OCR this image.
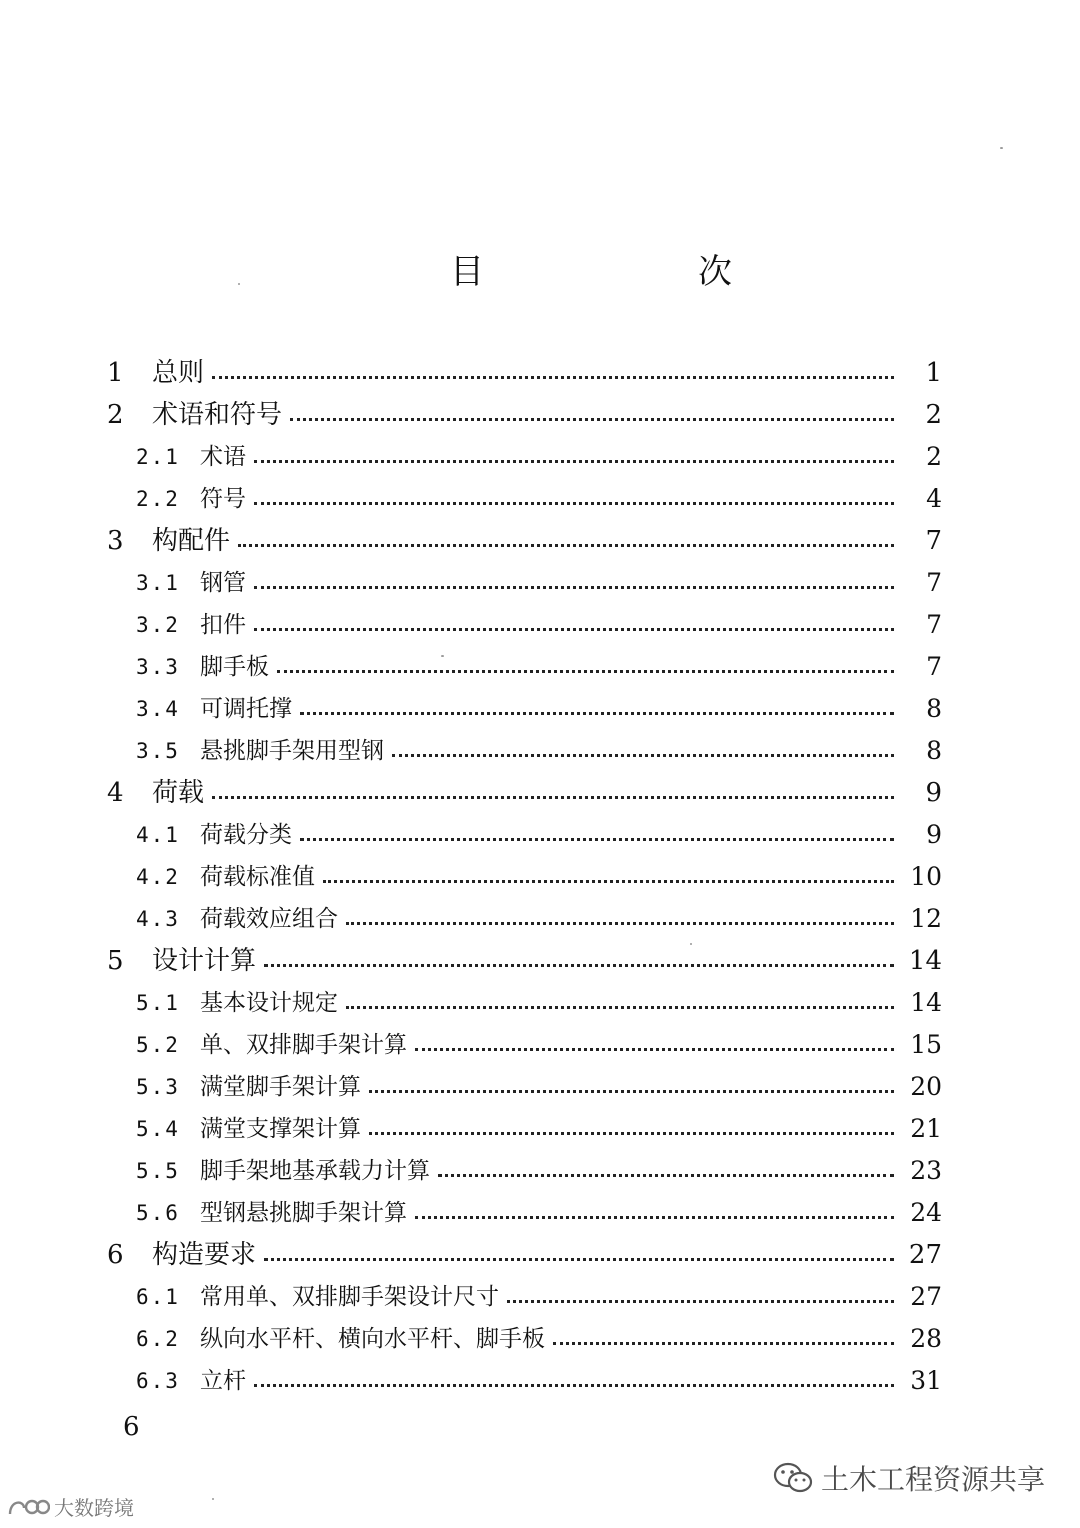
目　次
1 总则	1
2 术语和符号	2
2.1 术语	2
2.2 符号	4
3 构配件	7
3.1 钢管	7
3.2 扣件	7
3.3 脚手板	7
3.4 可调托撑	8
3.5 悬挑脚手架用型钢	8
4 荷载	9
4.1 荷载分类	9
4.2 荷载标准值	10
4.3 荷载效应组合	12
5 设计计算	14
5.1 基本设计规定	14
5.2 单、双排脚手架计算	15
5.3 满堂脚手架计算	20
5.4 满堂支撑架计算	21
5.5 脚手架地基承载力计算	23
5.6 型钢悬挑脚手架计算	24
6 构造要求	27
6.1 常用单、双排脚手架设计尺寸	27
6.2 纵向水平杆、横向水平杆、脚手板	28
6.3 立杆	31
6
土木工程资源共享
大数跨境
